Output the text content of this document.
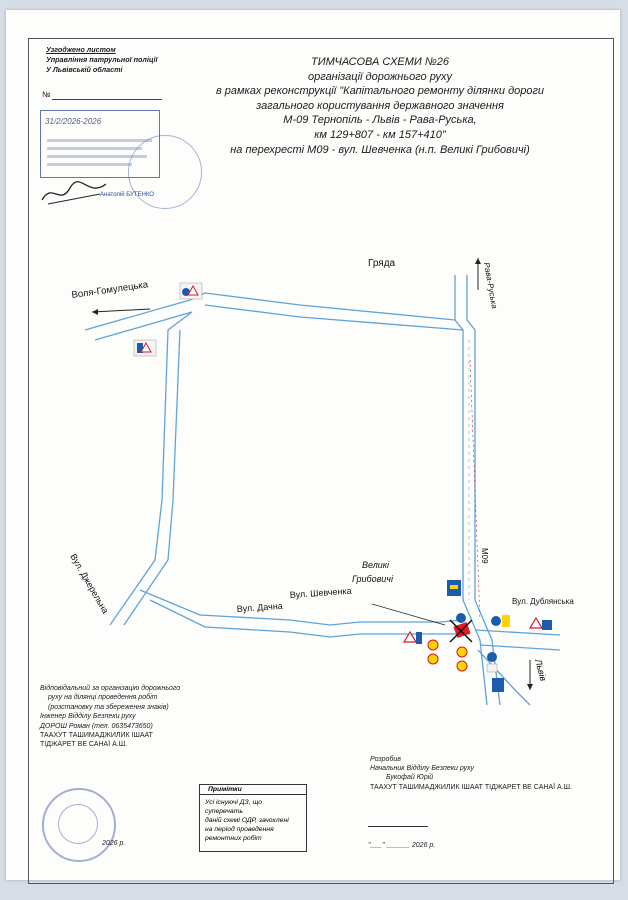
Узгоджено листом
Управління патрульної поліції
У Львівській області
№
31/2/2026-2026
Анатолій БУТЕНКО
ТИМЧАСОВА СХЕМИ №26
організації дорожнього руху
в рамках реконструкції "Капітального ремонту ділянки дороги
загального користування державного значення
М-09 Тернопіль - Львів - Рава-Руська,
км 129+807 - км 157+410"
на перехресті М09 - вул. Шевченка (н.п. Великі Грибовичі)
Гряда	Рава-Руська
Воля-Гомулецька
Вул. Джерельна	Вул. Дачна
Великі
Грибовичі
Вул. Шевченка
Вул. Дублянська
Львів
М09
Відповідальний за організацію дорожнього
руху на ділянці проведення робіт
(розстановку та збереження знаків)
Інженер Відділу Безпеки руху
ДОРОШ Роман (тел. 0635473650)
ТААХУТ ТАШИМАДЖИЛИК ІШААТ
ТІДЖАРЕТ ВЕ САНАЇ А.Ш.
Примітки
Усі існуючі ДЗ, що суперечать
даній схемі ОДР, зачохлені
на період проведення
ремонтних робіт
Розробив
Начальник Відділу Безпеки руху
Букофай Юрій
ТААХУТ ТАШИМАДЖИЛИК ІШААТ ТІДЖАРЕТ ВЕ САНАЇ А.Ш.
"___" ______ 2026 р.
2026 р.
